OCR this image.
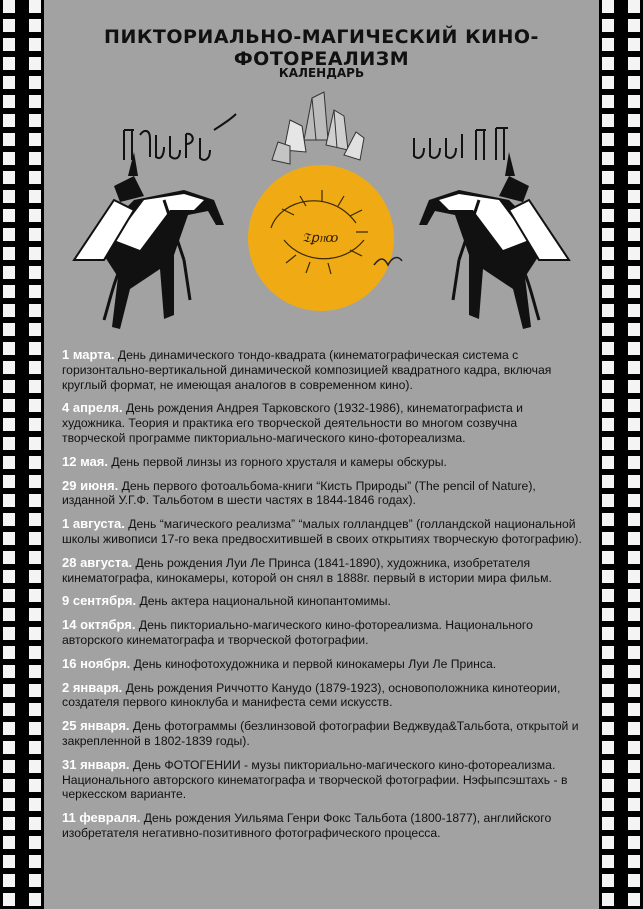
ПИКТОРИАЛЬНО-МАГИЧЕСКИЙ КИНО-ФОТОРЕАЛИЗМ
КАЛЕНДАРЬ
𝔗ꝑ𝔫ꝏ
1 марта. День динамического тондо-квадрата (кинематографическая система с горизонтально-вертикальной динамической композицией квадратного кадра, включая круглый формат, не имеющая аналогов в современном кино).
4 апреля. День рождения Андрея Тарковского (1932-1986), кинематографиста и художника. Теория и практика его творческой деятельности во многом созвучна творческой программе пикториально-магического кино-фотореализма.
12 мая. День первой линзы из горного хрусталя и камеры обскуры.
29 июня. День первого фотоальбома-книги “Кисть Природы” (The pencil of Nature), изданной У.Г.Ф. Тальботом в шести частях в 1844-1846 годах).
1 августа. День “магического реализма” “малых голландцев” (голландской национальной школы живописи 17-го века предвосхитившей в своих открытиях творческую фотографию).
28 августа. День рождения Луи Ле Принса (1841-1890), художника, изобретателя кинематографа, кинокамеры, которой он снял в 1888г. первый в истории мира фильм.
9 сентября. День актера национальной кинопантомимы.
14 октября. День пикториально-магического кино-фотореализма. Национального авторского кинематографа и творческой фотографии.
16 ноября. День кинофотохудожника и первой кинокамеры Луи Ле Принса.
2 января. День рождения Риччотто Канудо (1879-1923), основоположника кинотеории, создателя первого киноклуба и манифеста семи искусств.
25 января. День фотограммы (безлинзовой фотографии Веджвуда&Тальбота, открытой и закрепленной в 1802-1839 годы).
31 января. День ФОТОГЕНИИ - музы пикториально-магического кино-фотореализма. Национального авторского кинематографа и творческой фотографии. Нэфыпсэштахь - в черкесском варианте.
11 февраля. День рождения Уильяма Генри Фокс Тальбота (1800-1877), английского изобретателя негативно-позитивного фотографического процесса.
